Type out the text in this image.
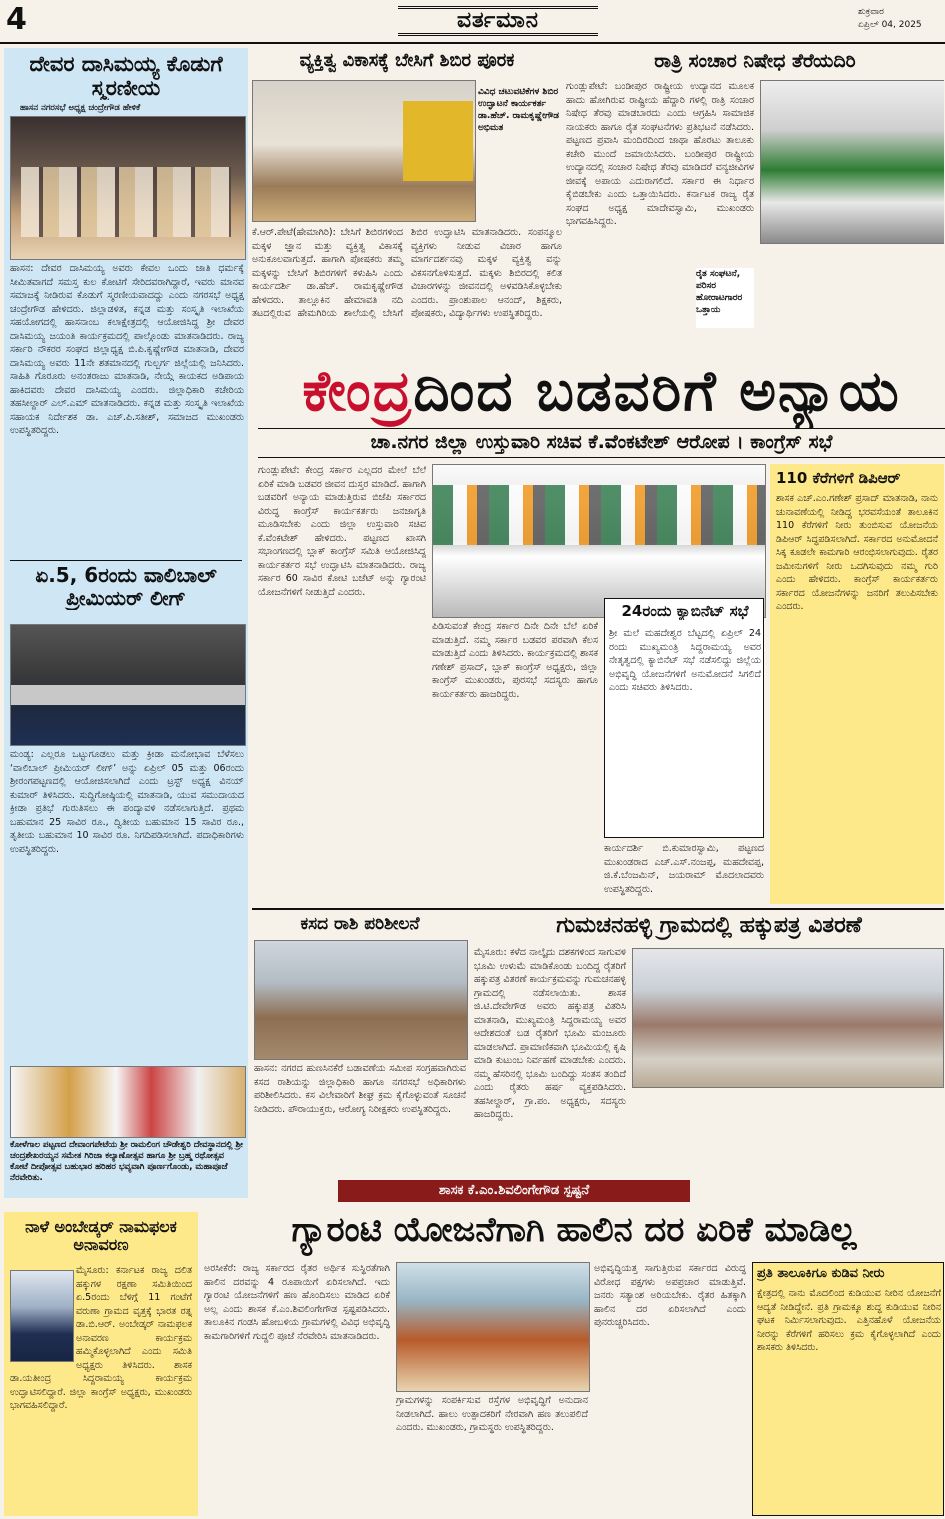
4	ವರ್ತಮಾನ	ಶುಕ್ರವಾರ
ಏಪ್ರಿಲ್ 04, 2025
ದೇವರ ದಾಸಿಮಯ್ಯ ಕೊಡುಗೆ ಸ್ಮರಣೀಯ
ಹಾಸನ ನಗರಸಭೆ ಅಧ್ಯಕ್ಷ ಚಂದ್ರೇಗೌಡ ಹೇಳಿಕೆ
ಹಾಸನ: ದೇವರ ದಾಸಿಮಯ್ಯ ಅವರು ಕೇವಲ ಒಂದು ಜಾತಿ ಧರ್ಮಕ್ಕೆ ಸೀಮಿತವಾಗದೆ ಸಮಸ್ತ ಕುಲ ಕೋಟಿಗೆ ಸೇರಿದವರಾಗಿದ್ದಾರೆ, ಇವರು ಮಾನವ ಸಮಾಜಕ್ಕೆ ನೀಡಿರುವ ಕೊಡುಗೆ ಸ್ಮರಣೀಯವಾದದ್ದು ಎಂದು ನಗರಸಭೆ ಅಧ್ಯಕ್ಷ ಚಂದ್ರೇಗೌಡ ಹೇಳಿದರು. ಜಿಲ್ಲಾಡಳಿತ, ಕನ್ನಡ ಮತ್ತು ಸಂಸ್ಕೃತಿ ಇಲಾಖೆಯ ಸಹಯೋಗದಲ್ಲಿ ಹಾಸನಾಂಬ ಕಲಾಕ್ಷೇತ್ರದಲ್ಲಿ ಆಯೋಜಿಸಿದ್ದ ಶ್ರೀ ದೇವರ ದಾಸಿಮಯ್ಯ ಜಯಂತಿ ಕಾರ್ಯಕ್ರಮದಲ್ಲಿ ಪಾಲ್ಗೊಂಡು ಮಾತನಾಡಿದರು. ರಾಜ್ಯ ಸರ್ಕಾರಿ ನೌಕರರ ಸಂಘದ ಜಿಲ್ಲಾಧ್ಯಕ್ಷ ಬಿ.ಪಿ.ಕೃಷ್ಣೇಗೌಡ ಮಾತನಾಡಿ, ದೇವರ ದಾಸಿಮಯ್ಯ ಅವರು 11ನೇ ಶತಮಾನದಲ್ಲಿ ಗುಲ್ಬರ್ಗ ಜಿಲ್ಲೆಯಲ್ಲಿ ಜನಿಸಿದರು. ಸಾಹಿತಿ ಗೊರೂರು ಅನಂತರಾಜು ಮಾತನಾಡಿ, ನೇಯ್ಗೆ ಕಾಯಕದ ಅಡಿಪಾಯ ಹಾಕಿದವರು ದೇವರ ದಾಸಿಮಯ್ಯ ಎಂದರು. ಜಿಲ್ಲಾಧಿಕಾರಿ ಕಚೇರಿಯ ತಹಸೀಲ್ದಾರ್ ಎಲ್.ಎಮ್ ಮಾತನಾಡಿದರು. ಕನ್ನಡ ಮತ್ತು ಸಂಸ್ಕೃತಿ ಇಲಾಖೆಯ ಸಹಾಯಕ ನಿರ್ದೇಶಕ ಡಾ. ಎಚ್.ಪಿ.ಸತೀಶ್, ಸಮಾಜದ ಮುಖಂಡರು ಉಪಸ್ಥಿತರಿದ್ದರು.
ಏ.5, 6ರಂದು ವಾಲಿಬಾಲ್ ಪ್ರೀಮಿಯರ್ ಲೀಗ್
ಮಂಡ್ಯ: ಎಲ್ಲರೂ ಒಟ್ಟುಗೂಡಲು ಮತ್ತು ಕ್ರೀಡಾ ಮನೋಭಾವ ಬೆಳೆಸಲು ‘ವಾಲಿಬಾಲ್ ಪ್ರೀಮಿಯರ್ ಲೀಗ್’ ಅನ್ನು ಏಪ್ರಿಲ್ 05 ಮತ್ತು 06ರಂದು ಶ್ರೀರಂಗಪಟ್ಟಣದಲ್ಲಿ ಆಯೋಜಿಸಲಾಗಿದೆ ಎಂದು ಟ್ರಸ್ಟ್ ಅಧ್ಯಕ್ಷ ವಿನಯ್ ಕುಮಾರ್ ತಿಳಿಸಿದರು. ಸುದ್ದಿಗೋಷ್ಠಿಯಲ್ಲಿ ಮಾತನಾಡಿ, ಯುವ ಸಮುದಾಯದ ಕ್ರೀಡಾ ಪ್ರತಿಭೆ ಗುರುತಿಸಲು ಈ ಪಂದ್ಯಾವಳಿ ನಡೆಸಲಾಗುತ್ತಿದೆ. ಪ್ರಥಮ ಬಹುಮಾನ 25 ಸಾವಿರ ರೂ., ದ್ವಿತೀಯ ಬಹುಮಾನ 15 ಸಾವಿರ ರೂ., ತೃತೀಯ ಬಹುಮಾನ 10 ಸಾವಿರ ರೂ. ನಿಗದಿಪಡಿಸಲಾಗಿದೆ. ಪದಾಧಿಕಾರಿಗಳು ಉಪಸ್ಥಿತರಿದ್ದರು.
ಕೋಳೆಗಾಲ ಪಟ್ಟಣದ ದೇವಾಂಗಪೇಟೆಯ ಶ್ರೀ ರಾಮಲಿಂಗ ಚೌಡೇಶ್ವರಿ ದೇವಸ್ಥಾನದಲ್ಲಿ ಶ್ರೀ ಚಂದ್ರಶೇಖರಯ್ಯನ ಸಮೇತ ಗಿರಿಜಾ ಕಲ್ಯಾಣೋತ್ಸವ ಹಾಗೂ ಶ್ರೀ ಬ್ರಹ್ಮ ರಥೋತ್ಸವ ಕೋಟೆ ದೀಪೋತ್ಸವ ಬಹುಭಾರ ಹರಿಹರ ಭವ್ಯವಾಗಿ ಪೂರ್ಣಗೊಂಡು, ಮಹಾಪೂಜೆ ನೆರವೇರಿತು.
ವ್ಯಕ್ತಿತ್ವ ವಿಕಾಸಕ್ಕೆ ಬೇಸಿಗೆ ಶಿಬಿರ ಪೂರಕ
ವಿವಿಧ ಚಟುವಟಿಕೆಗಳ ಶಿಬಿರ ಉದ್ಘಾಟನೆ ಕಾರ್ಯಕರ್ತ ಡಾ.ಹೆಚ್. ರಾಮಕೃಷ್ಣೇಗೌಡ ಅಭಿಮತ
ಕೆ.ಆರ್.ಪೇಟೆ(ಹೇಮಾಗಿರಿ): ಬೇಸಿಗೆ ಶಿಬಿರಗಳಿಂದ ಮಕ್ಕಳ ಜ್ಞಾನ ಮತ್ತು ವ್ಯಕ್ತಿತ್ವ ವಿಕಾಸಕ್ಕೆ ಅನುಕೂಲವಾಗುತ್ತದೆ. ಹಾಗಾಗಿ ಪೋಷಕರು ತಮ್ಮ ಮಕ್ಕಳನ್ನು ಬೇಸಿಗೆ ಶಿಬಿರಗಳಿಗೆ ಕಳುಹಿಸಿ ಎಂದು ಕಾರ್ಯದರ್ಶಿ ಡಾ.ಹೆಚ್. ರಾಮಕೃಷ್ಣೇಗೌಡ ಹೇಳಿದರು. ತಾಲ್ಲೂಕಿನ ಹೇಮಾವತಿ ನದಿ ತಟದಲ್ಲಿರುವ ಹೇಮಗಿರಿಯ ಶಾಲೆಯಲ್ಲಿ ಬೇಸಿಗೆ ಶಿಬಿರ ಉದ್ಘಾಟಿಸಿ ಮಾತನಾಡಿದರು. ಸಂಪನ್ಮೂಲ ವ್ಯಕ್ತಿಗಳು ನೀಡುವ ವಿಚಾರ ಹಾಗೂ ಮಾರ್ಗದರ್ಶನವು ಮಕ್ಕಳ ವ್ಯಕ್ತಿತ್ವ ವನ್ನು ವಿಕಸನಗೊಳಿಸುತ್ತದೆ. ಮಕ್ಕಳು ಶಿಬಿರದಲ್ಲಿ ಕಲಿತ ವಿಚಾರಗಳನ್ನು ಜೀವನದಲ್ಲಿ ಅಳವಡಿಸಿಕೊಳ್ಳಬೇಕು ಎಂದರು. ಪ್ರಾಂಶುಪಾಲ ಆನಂದ್, ಶಿಕ್ಷಕರು, ಪೋಷಕರು, ವಿದ್ಯಾರ್ಥಿಗಳು ಉಪಸ್ಥಿತರಿದ್ದರು.
ರಾತ್ರಿ ಸಂಚಾರ ನಿಷೇಧ ತೆರೆಯದಿರಿ
ಗುಂಡ್ಲುಪೇಟೆ: ಬಂಡೀಪುರ ರಾಷ್ಟ್ರೀಯ ಉದ್ಯಾನದ ಮೂಲಕ ಹಾದು ಹೋಗಿರುವ ರಾಷ್ಟ್ರೀಯ ಹೆದ್ದಾರಿ ಗಳಲ್ಲಿ ರಾತ್ರಿ ಸಂಚಾರ ನಿಷೇಧ ತೆರವು ಮಾಡಬಾರದು ಎಂದು ಆಗ್ರಹಿಸಿ ಸಾಮಾಜಿಕ ನಾಯಕರು ಹಾಗೂ ರೈತ ಸಂಘಟನೆಗಳು ಪ್ರತಿಭಟನೆ ನಡೆಸಿದರು. ಪಟ್ಟಣದ ಪ್ರವಾಸಿ ಮಂದಿರದಿಂದ ಜಾಥಾ ಹೊರಟು ತಾಲೂಕು ಕಚೇರಿ ಮುಂದೆ ಜಮಾಯಿಸಿದರು. ಬಂಡೀಪುರ ರಾಷ್ಟ್ರೀಯ ಉದ್ಯಾನದಲ್ಲಿ ಸಂಚಾರ ನಿಷೇಧ ತೆರವು ಮಾಡಿದರೆ ವನ್ಯಜೀವಿಗಳ ಜೀವಕ್ಕೆ ಅಪಾಯ ಎದುರಾಗಲಿದೆ. ಸರ್ಕಾರ ಈ ನಿರ್ಧಾರ ಕೈಬಿಡಬೇಕು ಎಂದು ಒತ್ತಾಯಿಸಿದರು. ಕರ್ನಾಟಕ ರಾಜ್ಯ ರೈತ ಸಂಘದ ಅಧ್ಯಕ್ಷ ಮಾದೇವಸ್ವಾಮಿ, ಮುಖಂಡರು ಭಾಗವಹಿಸಿದ್ದರು.
ರೈತ ಸಂಘಟನೆ, ಪರಿಸರ ಹೋರಾಟಗಾರರ ಒತ್ತಾಯ
ಕೇಂದ್ರದಿಂದ ಬಡವರಿಗೆ ಅನ್ಯಾಯ
ಚಾ.ನಗರ ಜಿಲ್ಲಾ ಉಸ್ತುವಾರಿ ಸಚಿವ ಕೆ.ವೆಂಕಟೇಶ್ ಆರೋಪ । ಕಾಂಗ್ರೆಸ್ ಸಭೆ
ಗುಂಡ್ಲುಪೇಟೆ: ಕೇಂದ್ರ ಸರ್ಕಾರ ಎಲ್ಲದರ ಮೇಲೆ ಬೆಲೆ ಏರಿಕೆ ಮಾಡಿ ಬಡವರ ಜೀವನ ದುಸ್ತರ ಮಾಡಿದೆ. ಹಾಗಾಗಿ ಬಡವರಿಗೆ ಅನ್ಯಾಯ ಮಾಡುತ್ತಿರುವ ಬಿಜೆಪಿ ಸರ್ಕಾರದ ವಿರುದ್ಧ ಕಾಂಗ್ರೆಸ್ ಕಾರ್ಯಕರ್ತರು ಜನಜಾಗೃತಿ ಮೂಡಿಸಬೇಕು ಎಂದು ಜಿಲ್ಲಾ ಉಸ್ತುವಾರಿ ಸಚಿವ ಕೆ.ವೆಂಕಟೇಶ್ ಹೇಳಿದರು. ಪಟ್ಟಣದ ಖಾಸಗಿ ಸಭಾಂಗಣದಲ್ಲಿ ಬ್ಲಾಕ್ ಕಾಂಗ್ರೆಸ್ ಸಮಿತಿ ಆಯೋಜಿಸಿದ್ದ ಕಾರ್ಯಕರ್ತರ ಸಭೆ ಉದ್ಘಾಟಿಸಿ ಮಾತನಾಡಿದರು. ರಾಜ್ಯ ಸರ್ಕಾರ 60 ಸಾವಿರ ಕೋಟಿ ಬಜೆಟ್ ಅನ್ನು ಗ್ಯಾರಂಟಿ ಯೋಜನೆಗಳಿಗೆ ನೀಡುತ್ತಿದೆ ಎಂದರು.
ಪಿಡಿಸುವಂತೆ ಕೇಂದ್ರ ಸರ್ಕಾರ ದಿನೇ ದಿನೇ ಬೆಲೆ ಏರಿಕೆ ಮಾಡುತ್ತಿದೆ. ನಮ್ಮ ಸರ್ಕಾರ ಬಡವರ ಪರವಾಗಿ ಕೆಲಸ ಮಾಡುತ್ತಿದೆ ಎಂದು ತಿಳಿಸಿದರು. ಕಾರ್ಯಕ್ರಮದಲ್ಲಿ ಶಾಸಕ ಗಣೇಶ್ ಪ್ರಸಾದ್, ಬ್ಲಾಕ್ ಕಾಂಗ್ರೆಸ್ ಅಧ್ಯಕ್ಷರು, ಜಿಲ್ಲಾ ಕಾಂಗ್ರೆಸ್ ಮುಖಂಡರು, ಪುರಸಭೆ ಸದಸ್ಯರು ಹಾಗೂ ಕಾರ್ಯಕರ್ತರು ಹಾಜರಿದ್ದರು.
24ರಂದು ಕ್ಯಾಬಿನೆಟ್ ಸಭೆ
ಶ್ರೀ ಮಲೆ ಮಹದೇಶ್ವರ ಬೆಟ್ಟದಲ್ಲಿ ಏಪ್ರಿಲ್ 24 ರಂದು ಮುಖ್ಯಮಂತ್ರಿ ಸಿದ್ದರಾಮಯ್ಯ ಅವರ ನೇತೃತ್ವದಲ್ಲಿ ಕ್ಯಾಬಿನೆಟ್ ಸಭೆ ನಡೆಸಲಿದ್ದು ಜಿಲ್ಲೆಯ ಅಭಿವೃದ್ಧಿ ಯೋಜನೆಗಳಿಗೆ ಅನುಮೋದನೆ ಸಿಗಲಿದೆ ಎಂದು ಸಚಿವರು ತಿಳಿಸಿದರು.
ಕಾರ್ಯದರ್ಶಿ ಬಿ.ಕುಮಾರಸ್ವಾಮಿ, ಪಟ್ಟಣದ ಮುಖಂಡರಾದ ಎಚ್.ಎಸ್.ನಂಜಪ್ಪ, ಮಹದೇವಪ್ಪ, ಜಿ.ಕೆ.ಬೆಂಜಮಿನ್, ಜಯರಾಮ್ ಮೊದಲಾದವರು ಉಪಸ್ಥಿತರಿದ್ದರು.
110 ಕೆರೆಗಳಿಗೆ ಡಿಪಿಆರ್
ಶಾಸಕ ಎಚ್.ಎಂ.ಗಣೇಶ್ ಪ್ರಸಾದ್ ಮಾತನಾಡಿ, ನಾನು ಚುನಾವಣೆಯಲ್ಲಿ ನೀಡಿದ್ದ ಭರವಸೆಯಂತೆ ತಾಲೂಕಿನ 110 ಕೆರೆಗಳಿಗೆ ನೀರು ತುಂಬಿಸುವ ಯೋಜನೆಯ ಡಿಪಿಆರ್ ಸಿದ್ಧಪಡಿಸಲಾಗಿದೆ. ಸರ್ಕಾರದ ಅನುಮೋದನೆ ಸಿಕ್ಕ ಕೂಡಲೇ ಕಾಮಗಾರಿ ಆರಂಭಿಸಲಾಗುವುದು. ರೈತರ ಜಮೀನುಗಳಿಗೆ ನೀರು ಒದಗಿಸುವುದು ನಮ್ಮ ಗುರಿ ಎಂದು ಹೇಳಿದರು. ಕಾಂಗ್ರೆಸ್ ಕಾರ್ಯಕರ್ತರು ಸರ್ಕಾರದ ಯೋಜನೆಗಳನ್ನು ಜನರಿಗೆ ತಲುಪಿಸಬೇಕು ಎಂದರು.
ಕಸದ ರಾಶಿ ಪರಿಶೀಲನೆ
ಹಾಸನ: ನಗರದ ಹುಣಸಿನಕೆರೆ ಬಡಾವಣೆಯ ಸಮೀಪ ಸಂಗ್ರಹವಾಗಿರುವ ಕಸದ ರಾಶಿಯನ್ನು ಜಿಲ್ಲಾಧಿಕಾರಿ ಹಾಗೂ ನಗರಸಭೆ ಅಧಿಕಾರಿಗಳು ಪರಿಶೀಲಿಸಿದರು. ಕಸ ವಿಲೇವಾರಿಗೆ ಶೀಘ್ರ ಕ್ರಮ ಕೈಗೊಳ್ಳುವಂತೆ ಸೂಚನೆ ನೀಡಿದರು. ಪೌರಾಯುಕ್ತರು, ಆರೋಗ್ಯ ನಿರೀಕ್ಷಕರು ಉಪಸ್ಥಿತರಿದ್ದರು.
ಗುಮಚನಹಳ್ಳಿ ಗ್ರಾಮದಲ್ಲಿ ಹಕ್ಕುಪತ್ರ ವಿತರಣೆ
ಮೈಸೂರು: ಕಳೆದ ನಾಲ್ಕೈದು ದಶಕಗಳಿಂದ ಸಾಗುವಳಿ ಭೂಮಿ ಉಳುಮೆ ಮಾಡಿಕೊಂಡು ಬಂದಿದ್ದ ರೈತರಿಗೆ ಹಕ್ಕುಪತ್ರ ವಿತರಣೆ ಕಾರ್ಯಕ್ರಮವನ್ನು ಗುಮಚನಹಳ್ಳಿ ಗ್ರಾಮದಲ್ಲಿ ನಡೆಸಲಾಯಿತು. ಶಾಸಕ ಜಿ.ಟಿ.ದೇವೇಗೌಡ ಅವರು ಹಕ್ಕುಪತ್ರ ವಿತರಿಸಿ ಮಾತನಾಡಿ, ಮುಖ್ಯಮಂತ್ರಿ ಸಿದ್ದರಾಮಯ್ಯ ಅವರ ಆದೇಶದಂತೆ ಬಡ ರೈತರಿಗೆ ಭೂಮಿ ಮಂಜೂರು ಮಾಡಲಾಗಿದೆ. ಪ್ರಾಮಾಣಿಕವಾಗಿ ಭೂಮಿಯಲ್ಲಿ ಕೃಷಿ ಮಾಡಿ ಕುಟುಂಬ ನಿರ್ವಹಣೆ ಮಾಡಬೇಕು ಎಂದರು. ನಮ್ಮ ಹೆಸರಿನಲ್ಲಿ ಭೂಮಿ ಬಂದಿದ್ದು ಸಂತಸ ತಂದಿದೆ ಎಂದು ರೈತರು ಹರ್ಷ ವ್ಯಕ್ತಪಡಿಸಿದರು. ತಹಸೀಲ್ದಾರ್, ಗ್ರಾ.ಪಂ. ಅಧ್ಯಕ್ಷರು, ಸದಸ್ಯರು ಹಾಜರಿದ್ದರು.
ಶಾಸಕ ಕೆ.ಎಂ.ಶಿವಲಿಂಗೇಗೌಡ ಸ್ಪಷ್ಟನೆ
ನಾಳೆ ಅಂಬೇಡ್ಕರ್ ನಾಮಫಲಕ ಅನಾವರಣ
ಮೈಸೂರು: ಕರ್ನಾಟಕ ರಾಜ್ಯ ದಲಿತ ಹಕ್ಕುಗಳ ರಕ್ಷಣಾ ಸಮಿತಿಯಿಂದ ಏ.5ರಂದು ಬೆಳಿಗ್ಗೆ 11 ಗಂಟೆಗೆ ವರುಣಾ ಗ್ರಾಮದ ವೃತ್ತಕ್ಕೆ ಭಾರತ ರತ್ನ ಡಾ.ಬಿ.ಆರ್. ಅಂಬೇಡ್ಕರ್ ನಾಮಫಲಕ ಅನಾವರಣ ಕಾರ್ಯಕ್ರಮ ಹಮ್ಮಿಕೊಳ್ಳಲಾಗಿದೆ ಎಂದು ಸಮಿತಿ ಅಧ್ಯಕ್ಷರು ತಿಳಿಸಿದರು. ಶಾಸಕ ಡಾ.ಯತೀಂದ್ರ ಸಿದ್ದರಾಮಯ್ಯ ಕಾರ್ಯಕ್ರಮ ಉದ್ಘಾಟಿಸಲಿದ್ದಾರೆ. ಜಿಲ್ಲಾ ಕಾಂಗ್ರೆಸ್ ಅಧ್ಯಕ್ಷರು, ಮುಖಂಡರು ಭಾಗವಹಿಸಲಿದ್ದಾರೆ.
ಗ್ಯಾರಂಟಿ ಯೋಜನೆಗಾಗಿ ಹಾಲಿನ ದರ ಏರಿಕೆ ಮಾಡಿಲ್ಲ
ಅರಸೀಕೆರೆ: ರಾಜ್ಯ ಸರ್ಕಾರದ ರೈತರ ಅರ್ಥಿಕ ಸುಸ್ಥಿರತೆಗಾಗಿ ಹಾಲಿನ ದರವನ್ನು 4 ರೂಪಾಯಿಗೆ ಏರಿಸಲಾಗಿದೆ. ಇದು ಗ್ಯಾರಂಟಿ ಯೋಜನೆಗಳಿಗೆ ಹಣ ಹೊಂದಿಸಲು ಮಾಡಿದ ಏರಿಕೆ ಅಲ್ಲ ಎಂದು ಶಾಸಕ ಕೆ.ಎಂ.ಶಿವಲಿಂಗೇಗೌಡ ಸ್ಪಷ್ಟಪಡಿಸಿದರು. ತಾಲೂಕಿನ ಗಂಡಸಿ ಹೋಬಳಿಯ ಗ್ರಾಮಗಳಲ್ಲಿ ವಿವಿಧ ಅಭಿವೃದ್ಧಿ ಕಾಮಗಾರಿಗಳಿಗೆ ಗುದ್ದಲಿ ಪೂಜೆ ನೆರವೇರಿಸಿ ಮಾತನಾಡಿದರು.
ಗ್ರಾಮಗಳನ್ನು ಸಂಪರ್ಕಿಸುವ ರಸ್ತೆಗಳ ಅಭಿವೃದ್ಧಿಗೆ ಅನುದಾನ ನೀಡಲಾಗಿದೆ. ಹಾಲು ಉತ್ಪಾದಕರಿಗೆ ನೇರವಾಗಿ ಹಣ ತಲುಪಲಿದೆ ಎಂದರು. ಮುಖಂಡರು, ಗ್ರಾಮಸ್ಥರು ಉಪಸ್ಥಿತರಿದ್ದರು.
ಅಭಿವೃದ್ಧಿಯತ್ತ ಸಾಗುತ್ತಿರುವ ಸರ್ಕಾರದ ವಿರುದ್ಧ ವಿರೋಧ ಪಕ್ಷಗಳು ಅಪಪ್ರಚಾರ ಮಾಡುತ್ತಿವೆ. ಜನರು ಸತ್ಯಾಂಶ ಅರಿಯಬೇಕು. ರೈತರ ಹಿತಕ್ಕಾಗಿ ಹಾಲಿನ ದರ ಏರಿಸಲಾಗಿದೆ ಎಂದು ಪುನರುಚ್ಚರಿಸಿದರು.
ಪ್ರತಿ ತಾಲೂಕಿಗೂ ಕುಡಿವ ನೀರು
ಕ್ಷೇತ್ರದಲ್ಲಿ ನಾನು ಮೊದಲಿಂದ ಕುಡಿಯುವ ನೀರಿನ ಯೋಜನೆಗೆ ಆದ್ಯತೆ ನೀಡಿದ್ದೇನೆ. ಪ್ರತಿ ಗ್ರಾಮಕ್ಕೂ ಶುದ್ಧ ಕುಡಿಯುವ ನೀರಿನ ಘಟಕ ನಿರ್ಮಿಸಲಾಗುವುದು. ಎತ್ತಿನಹೊಳೆ ಯೋಜನೆಯ ನೀರನ್ನು ಕೆರೆಗಳಿಗೆ ಹರಿಸಲು ಕ್ರಮ ಕೈಗೊಳ್ಳಲಾಗಿದೆ ಎಂದು ಶಾಸಕರು ತಿಳಿಸಿದರು.
